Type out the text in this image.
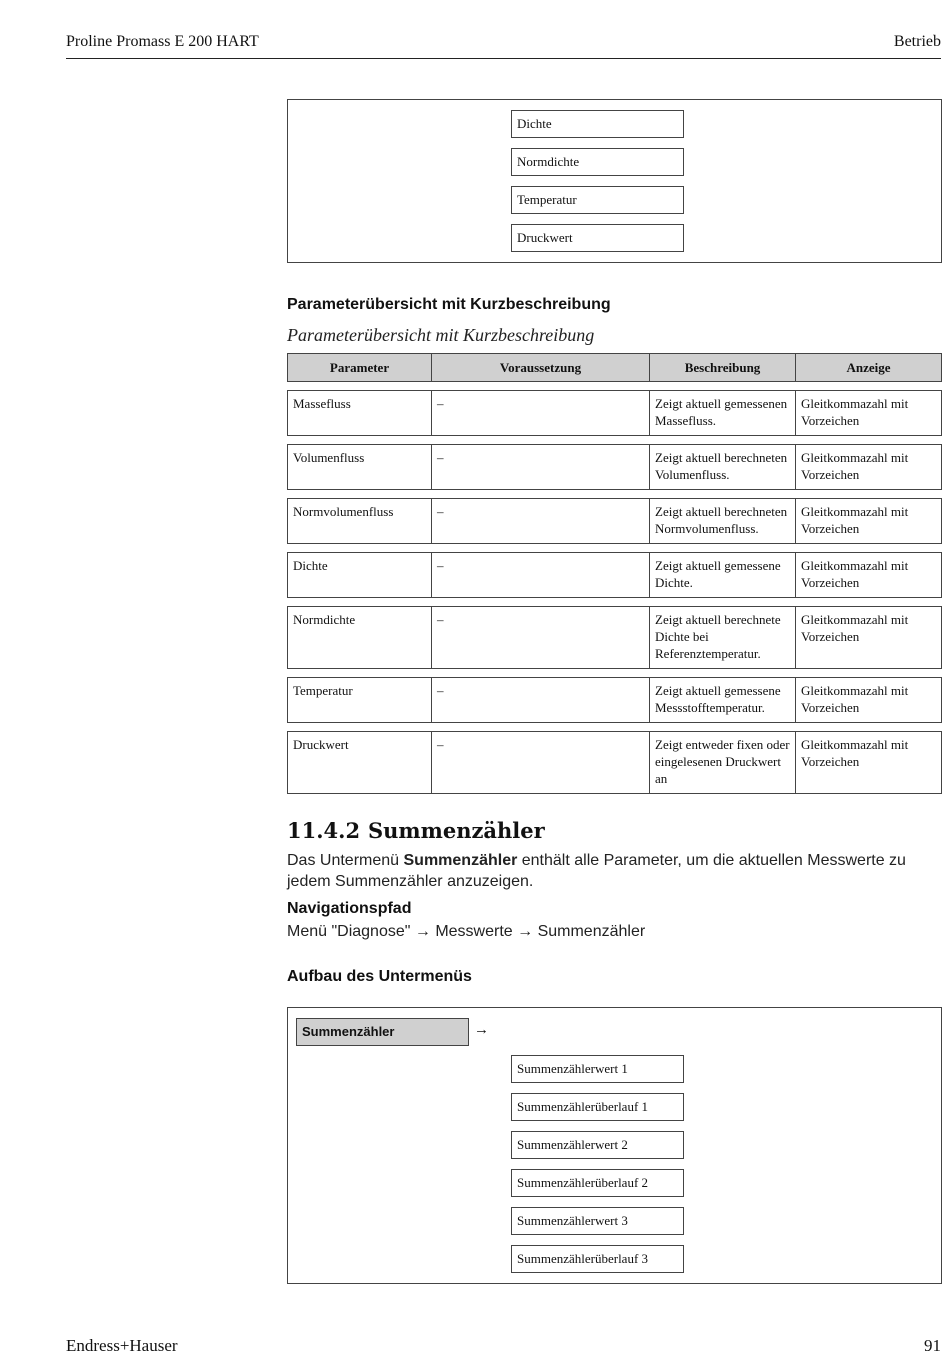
Proline Promass E 200 HART	Betrieb
Dichte
Normdichte
Temperatur
Druckwert
Parameterübersicht mit Kurzbeschreibung
Parameterübersicht mit Kurzbeschreibung
Parameter	Voraussetzung	Beschreibung	Anzeige
Massefluss	–	Zeigt aktuell gemessenen Massefluss.	Gleitkommazahl mit Vorzeichen
Volumenfluss	–	Zeigt aktuell berechneten Volumenfluss.	Gleitkommazahl mit Vorzeichen
Normvolumenfluss	–	Zeigt aktuell berechneten Normvolumenfluss.	Gleitkommazahl mit Vorzeichen
Dichte	–	Zeigt aktuell gemessene Dichte.	Gleitkommazahl mit Vorzeichen
Normdichte	–	Zeigt aktuell berechnete Dichte bei Referenztemperatur.	Gleitkommazahl mit Vorzeichen
Temperatur	–	Zeigt aktuell gemessene Messstofftemperatur.	Gleitkommazahl mit Vorzeichen
Druckwert	–	Zeigt entweder fixen oder eingelesenen Druckwert an	Gleitkommazahl mit Vorzeichen
11.4.2 Summenzähler
Das Untermenü Summenzähler enthält alle Parameter, um die aktuellen Messwerte zu jedem Summenzähler anzuzeigen.
Navigationspfad
Menü "Diagnose" → Messwerte → Summenzähler
Aufbau des Untermenüs
Summenzähler	→
Summenzählerwert 1
Summenzählerüberlauf 1
Summenzählerwert 2
Summenzählerüberlauf 2
Summenzählerwert 3
Summenzählerüberlauf 3
Endress+Hauser	91
